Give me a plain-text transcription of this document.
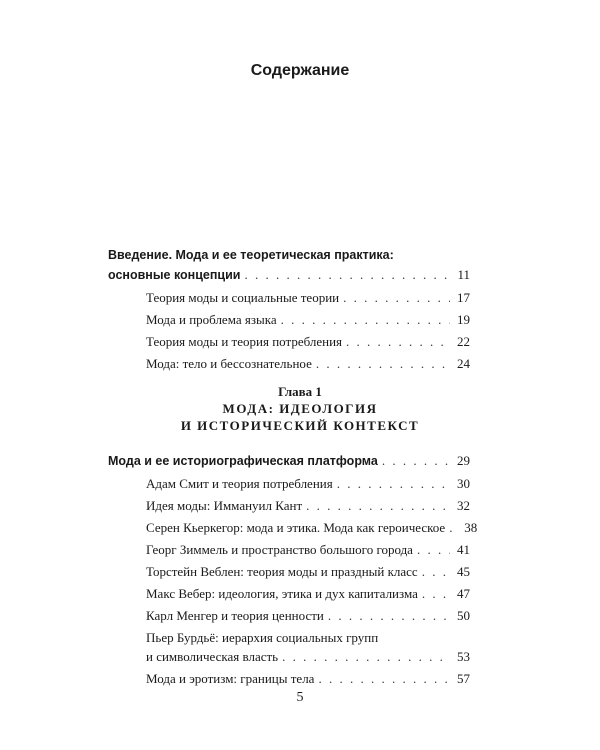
Содержание
Введение. Мода и ее теоретическая практика:
основные концепции . . .	11
Теория моды и социальные теории . . .	17
Мода и проблема языка . . .	19
Теория моды и теория потребления . . .	22
Мода: тело и бессознательное . . .	24
Глава 1
МОДА: ИДЕОЛОГИЯ
И ИСТОРИЧЕСКИЙ КОНТЕКСТ
Мода и ее историографическая платформа . . .	29
Адам Смит и теория потребления . . .	30
Идея моды: Иммануил Кант . . .	32
Серен Кьеркегор: мода и этика. Мода как героическое . . . 38
Георг Зиммель и пространство большого города . . .	41
Торстейн Веблен: теория моды и праздный класс . . .	45
Макс Вебер: идеология, этика и дух капитализма . . .	47
Карл Менгер и теория ценности . . .	50
Пьер Бурдьё: иерархия социальных групп
и символическая власть . . .	53
Мода и эротизм: границы тела . . .	57
5
